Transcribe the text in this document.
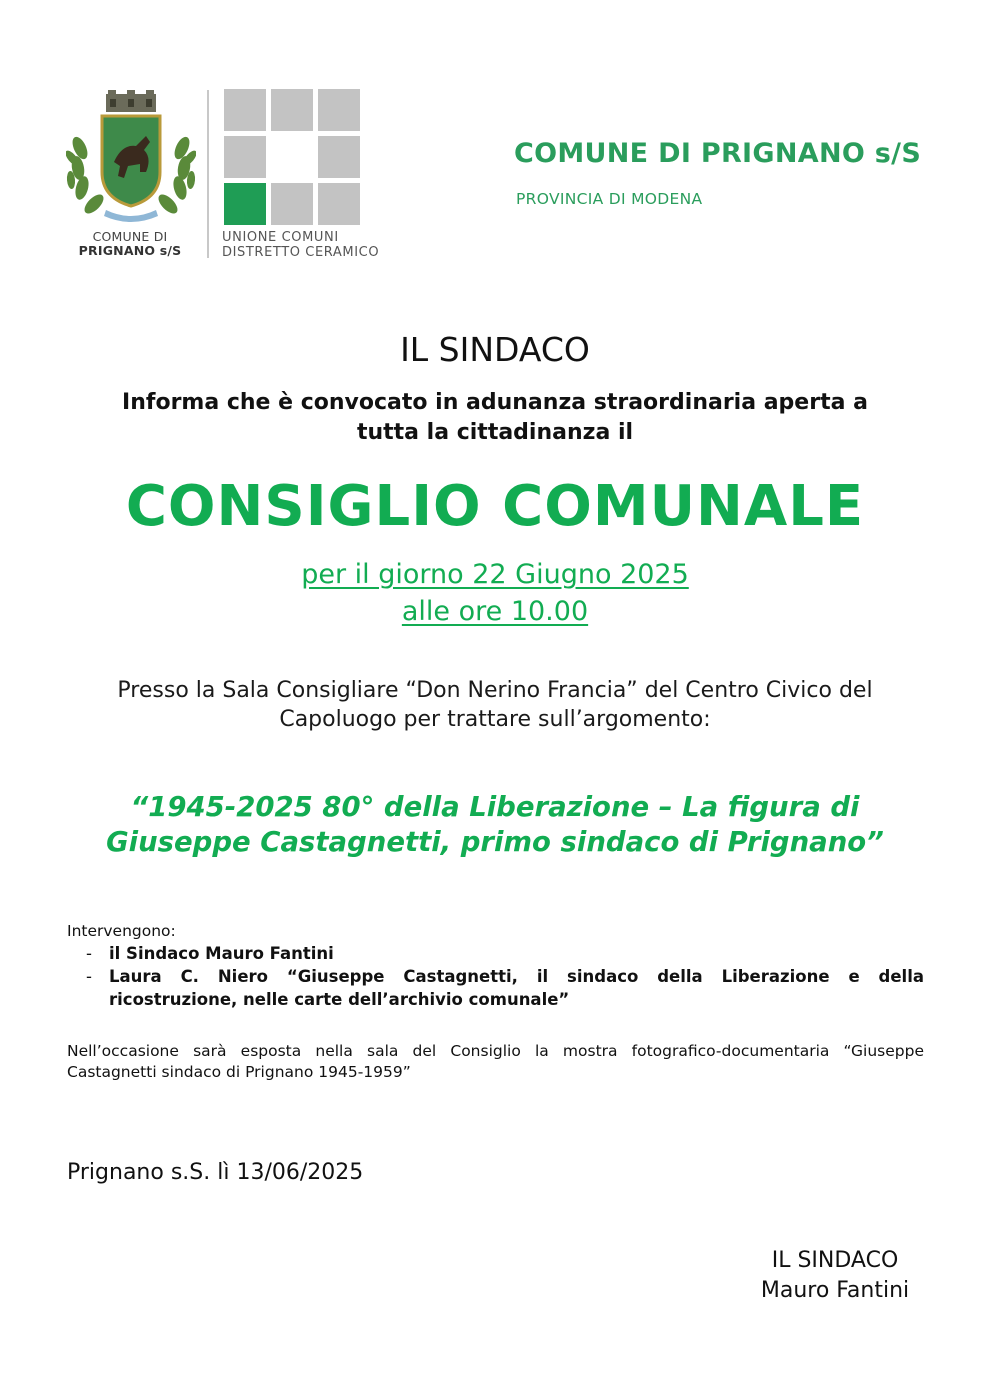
COMUNE DI
PRIGNANO s/S
UNIONE COMUNI
DISTRETTO CERAMICO
COMUNE DI PRIGNANO s/S
PROVINCIA DI MODENA
IL SINDACO
Informa che è convocato in adunanza straordinaria aperta a
tutta la cittadinanza il
CONSIGLIO COMUNALE
per il giorno 22 Giugno 2025
alle ore 10.00
Presso la Sala Consigliare “Don Nerino Francia” del Centro Civico del
Capoluogo per trattare sull’argomento:
“1945-2025 80° della Liberazione – La figura di
Giuseppe Castagnetti, primo sindaco di Prignano”
Intervengono:
-	il Sindaco Mauro Fantini
-	Laura C. Niero “Giuseppe Castagnetti, il sindaco della Liberazione e della ricostruzione, nelle carte dell’archivio comunale”
Nell’occasione sarà esposta nella sala del Consiglio la mostra fotografico-documentaria “Giuseppe Castagnetti sindaco di Prignano 1945-1959”
Prignano s.S. lì 13/06/2025
IL SINDACO
Mauro Fantini
